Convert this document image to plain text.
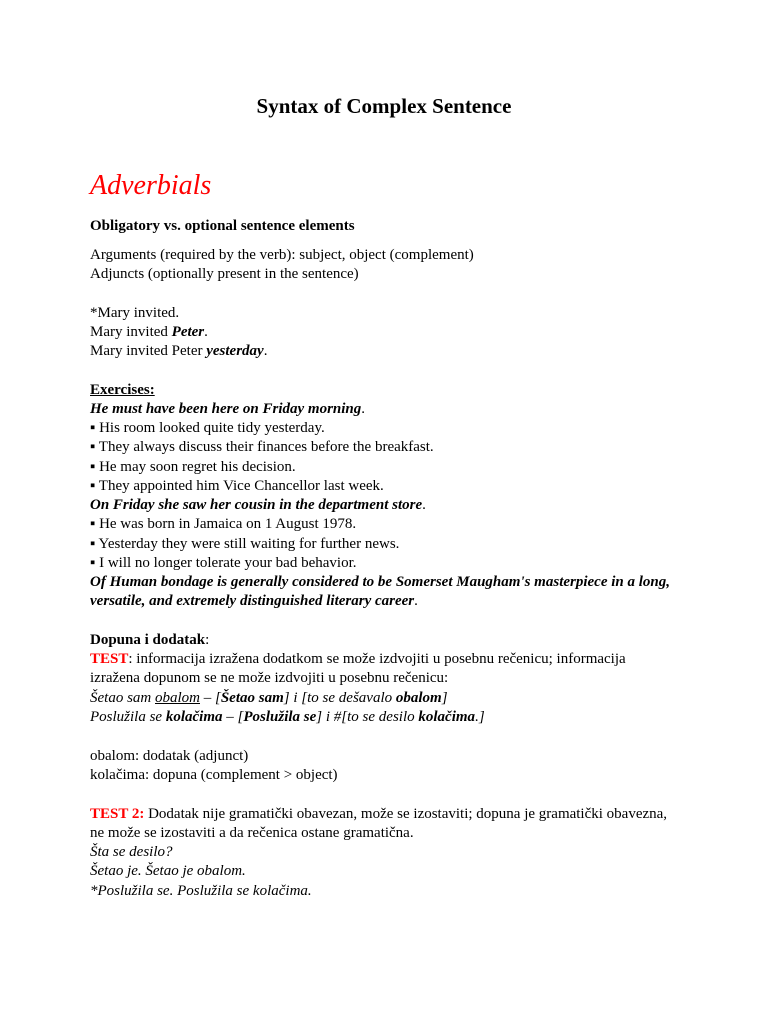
Syntax of Complex Sentence
Adverbials
Obligatory vs. optional sentence elements
Arguments (required by the verb): subject, object (complement)
Adjuncts (optionally present in the sentence)
*Mary invited.
Mary invited Peter.
Mary invited Peter yesterday.
Exercises:
He must have been here on Friday morning.
▪ His room looked quite tidy yesterday.
▪ They always discuss their finances before the breakfast.
▪ He may soon regret his decision.
▪ They appointed him Vice Chancellor last week.
On Friday she saw her cousin in the department store.
▪ He was born in Jamaica on 1 August 1978.
▪ Yesterday they were still waiting for further news.
▪ I will no longer tolerate your bad behavior.
Of Human bondage is generally considered to be Somerset Maugham's masterpiece in a long,
versatile, and extremely distinguished literary career.
Dopuna i dodatak:
TEST: informacija izražena dodatkom se može izdvojiti u posebnu rečenicu; informacija
izražena dopunom se ne može izdvojiti u posebnu rečenicu:
Šetao sam obalom – [Šetao sam] i [to se dešavalo obalom]
Poslužila se kolačima – [Poslužila se] i #[to se desilo kolačima.]
obalom: dodatak (adjunct)
kolačima: dopuna (complement > object)
TEST 2: Dodatak nije gramatički obavezan, može se izostaviti; dopuna je gramatički obavezna,
ne može se izostaviti a da rečenica ostane gramatična.
Šta se desilo?
Šetao je. Šetao je obalom.
*Poslužila se. Poslužila se kolačima.
